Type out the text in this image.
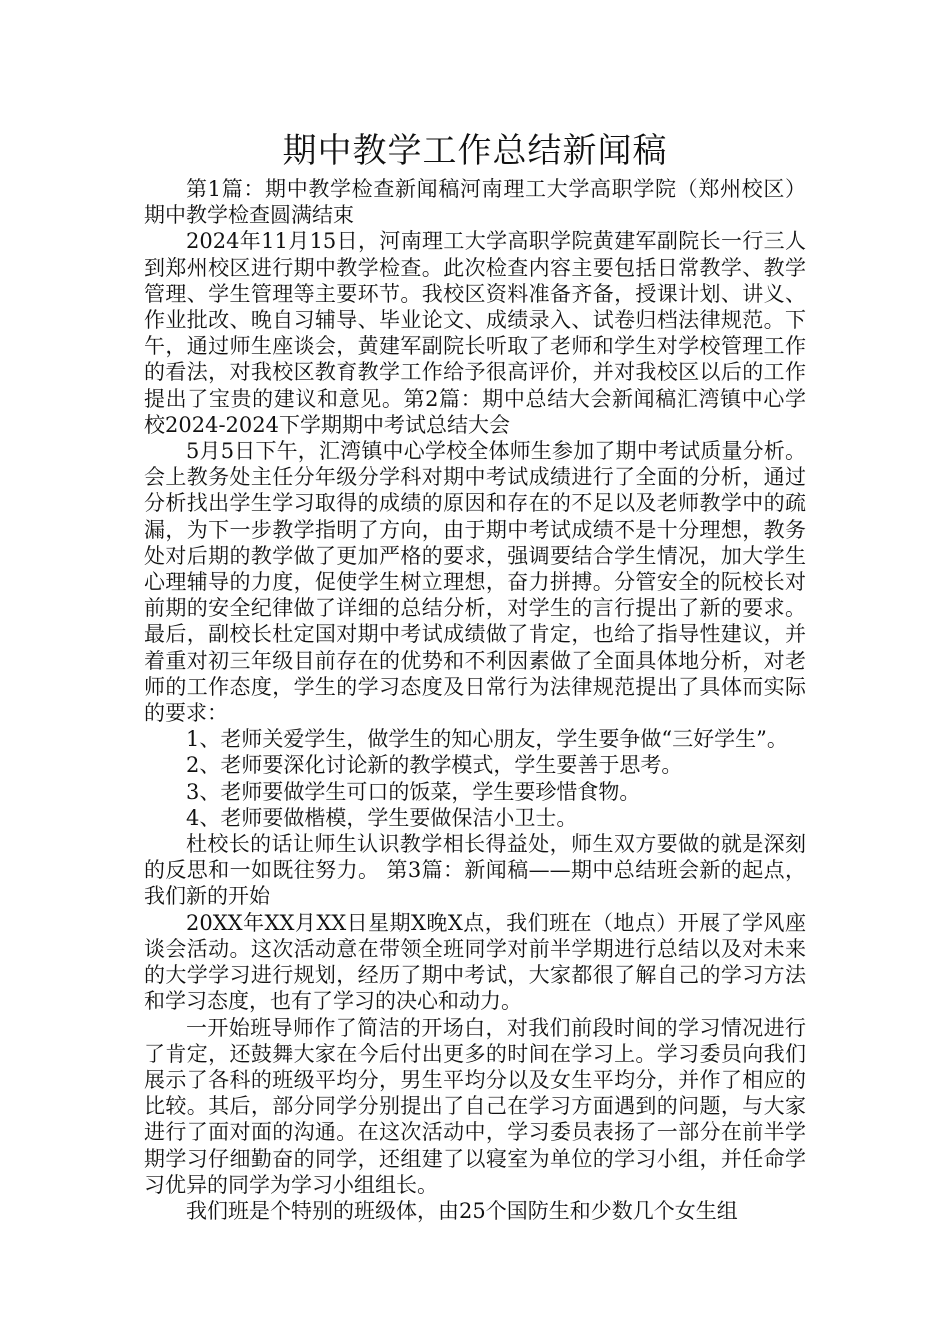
期中教学工作总结新闻稿

第1篇：期中教学检查新闻稿河南理工大学高职学院（郑州校区）期中教学检查圆满结束

2024年11月15日，河南理工大学高职学院黄建军副院长一行三人到郑州校区进行期中教学检查。此次检查内容主要包括日常教学、教学管理、学生管理等主要环节。我校区资料准备齐备，授课计划、讲义、作业批改、晚自习辅导、毕业论文、成绩录入、试卷归档法律规范。下午，通过师生座谈会，黄建军副院长听取了老师和学生对学校管理工作的看法，对我校区教育教学工作给予很高评价，并对我校区以后的工作提出了宝贵的建议和意见。第2篇：期中总结大会新闻稿汇湾镇中心学校2024-2024下学期期中考试总结大会

5月5日下午，汇湾镇中心学校全体师生参加了期中考试质量分析。会上教务处主任分年级分学科对期中考试成绩进行了全面的分析，通过分析找出学生学习取得的成绩的原因和存在的不足以及老师教学中的疏漏，为下一步教学指明了方向，由于期中考试成绩不是十分理想，教务处对后期的教学做了更加严格的要求，强调要结合学生情况，加大学生心理辅导的力度，促使学生树立理想，奋力拼搏。分管安全的阮校长对前期的安全纪律做了详细的总结分析，对学生的言行提出了新的要求。最后，副校长杜定国对期中考试成绩做了肯定，也给了指导性建议，并着重对初三年级目前存在的优势和不利因素做了全面具体地分析，对老师的工作态度，学生的学习态度及日常行为法律规范提出了具体而实际的要求：

1、老师关爱学生，做学生的知心朋友，学生要争做“三好学生”。

2、老师要深化讨论新的教学模式，学生要善于思考。

3、老师要做学生可口的饭菜，学生要珍惜食物。

4、老师要做楷模，学生要做保洁小卫士。

杜校长的话让师生认识教学相长得益处，师生双方要做的就是深刻的反思和一如既往努力。 第3篇：新闻稿——期中总结班会新的起点，我们新的开始

20XX年XX月XX日星期X晚X点，我们班在（地点）开展了学风座谈会活动。这次活动意在带领全班同学对前半学期进行总结以及对未来的大学学习进行规划，经历了期中考试，大家都很了解自己的学习方法和学习态度，也有了学习的决心和动力。

一开始班导师作了简洁的开场白，对我们前段时间的学习情况进行了肯定，还鼓舞大家在今后付出更多的时间在学习上。学习委员向我们展示了各科的班级平均分，男生平均分以及女生平均分，并作了相应的比较。其后，部分同学分别提出了自己在学习方面遇到的问题，与大家进行了面对面的沟通。在这次活动中，学习委员表扬了一部分在前半学期学习仔细勤奋的同学，还组建了以寝室为单位的学习小组，并任命学习优异的同学为学习小组组长。

我们班是个特别的班级体，由25个国防生和少数几个女生组
